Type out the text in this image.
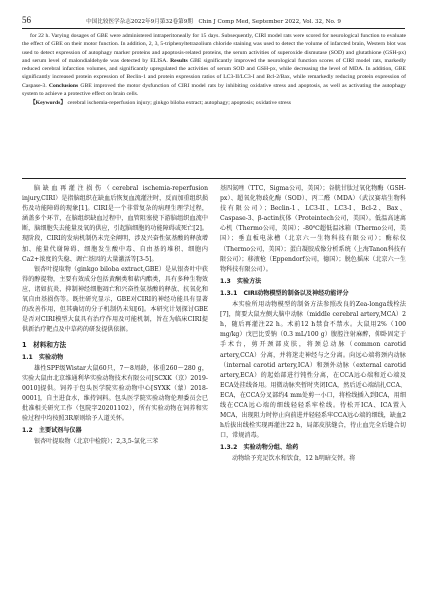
56	中国比较医学杂志2022年9月第32卷第9期　Chin J Comp Med, September 2022, Vol. 32, No. 9

for 22 h. Varying dosages of GBE were administered intraperitoneally for 15 days. Subsequently, CIRI model rats were scored for neurological function to evaluate the effect of GBE on their motor function. In addition, 2, 3, 5-triphenyltetrazolium chloride staining was used to detect the volume of infarcted brain, Western blot was used to detect expression of autophagy marker proteins and apoptosis-related proteins, the serum activities of superoxide dismutase (SOD) and glutathione (GSH-px) and serum level of malondialdehyde was detected by ELISA. Results GBE significantly improved the neurological function scores of CIRI model rats, markedly reduced cerebral infarction volumes, and significantly upregulated the activities of serum SOD and GSH-px, while decreasing the level of MDA. In addition, GBE significantly increased protein expression of Beclin-1 and protein expression ratios of LC3-II/LC3-I and Bcl-2/Bax, while remarkedly reducing protein expression of Caspase-3. Conclusions GBE improved the motor dysfunction of CIRI model rats by inhibiting oxidative stress and apoptosis, as well as activating the autophagy system to achieve a protective effect on brain cells.

【Keywords】 cerebral ischemia-reperfusion injury; ginkgo biloba extract; autophagy; apoptosis; oxidative stress

脑缺血再灌注损伤（cerebral ischemia-reperfusion injury,CIRI）是指脑组织在缺血后恢复血流灌注时，反而加重组织损伤及功能障碍的现象[1]。CIRI是一个非常复杂的病理生理学过程，涵盖多个环节，在脑组织缺血过程中，血管阻塞使下游脑组织血流中断，脑细胞失去能量及氧的供应，引起脑细胞的功能障碍或死亡[2]。现阶段，CIRI的发病机制仍未完全阐明，涉及兴奋性氨基酸的释放增加、能量代谢障碍、细胞发生酸中毒、自由基的堆积、细胞内Ca2+浓度的失稳、调亡基因的大量激活等[3-5]。

银杏叶提取物（ginkgo biloba extract,GBE）是从银杏叶中获得的醇提物，主要有效成分包括黄酮类和萜内酯类，具有多种生物效应，诸如抗炎、抑制神经细胞凋亡和兴奋性氨基酸的释放、抗氧化和氧自由基损伤等。既往研究显示，GBE对CIRI的神经功能具有显著的改善作用，但其确切的分子机制仍未知[6]。本研究计划探讨GBE是否对CIRI模型大鼠具有治疗作用及可能机制，旨在为临床CIRI提供新治疗靶点及中草药的研发提供依据。

1　材料和方法
1.1　实验动物

雄性SPF级Wistar大鼠60只，7～8周龄，体重260～280 g，实验大鼠由北京维通利华实验动物技术有限公司[SCXK（京）2019-0010]提供。饲养于包头医学院实验动物中心[SYXK（蒙）2018-0001]，自主进食水，维持饲料。包头医学院实验动物伦理委员会已批准相关研究工作（包院字20201102），所有实验动物在饲养和实验过程中均按照3R原则给予人道关怀。

1.2　主要试剂与仪器

银杏叶提取物（北京中检院）；2,3,5-氯化三苯

基四氮唑（TTC，Sigma公司，美国）；谷胱甘肽过氧化物酶（GSH-px）、超氧化物歧化酶（SOD）、丙二醛（MDA）（武汉赛培生物科技有限公司）；Beclin-1、LC3-II、LC3-I、Bcl-2、Bax、Caspase-3、β-actin抗体（Proteintech公司，美国）。低温高速离心机（Thermo公司，美国）；-80℃超低温冰箱（Thermo公司，美国）；垂直板电泳槽（北京六一生物科技有限公司）；酶标仪（Thermo公司，美国）；蛋白凝胶成像分析系统（上海Tanon科技有限公司）；移液枪（Eppendorf公司，德国）；脱色摇床（北京六一生物科技有限公司）。

1.3　实验方法
1.3.1　CIRI动物模型的制备以及神经功能评分

本实验所用动物模型的制备方法参照改良的Zea-longa线栓法[7]，简要大鼠左侧大脑中动脉（middle cerebral artery,MCA）2 h，随后再灌注22 h。术前12 h禁食不禁水。大鼠用2%（100 mg/kg）戊巴比妥钠（0.3 mL/100 g）腹腔注射麻醉，仰卧固定于手术台，剪开颈部皮肤，将颈总动脉（common carotid artery,CCA）分离，并将迷走神经与之分离。向远心端将颈内动脉（internal carotid artery,ICA）和颈外动脉（external carotid artery,ECA）的起始部进行钝性分离，在CCA远心端和近心端及ECA处挂线备用。用微动脉夹暂时夹闭ICA，然后近心端结扎CCA、ECA，在CCA分叉部约4 mm处剪一小口，将栓线插入到ICA，用细线在CCA远心端的细线轻轻系牢栓线。待松开ICA、ICA置入MCA，出现阻力时停止向前进并轻轻系牢CCA远心端的细线，缺血2 h后拔出线栓实现再灌注22 h，局部皮肤缝合，待止血完全后缝合切口，常规消毒。

1.3.2　实验动物分组、给药

动物给予充足饮水和饮食，12 h明暗交替。将
